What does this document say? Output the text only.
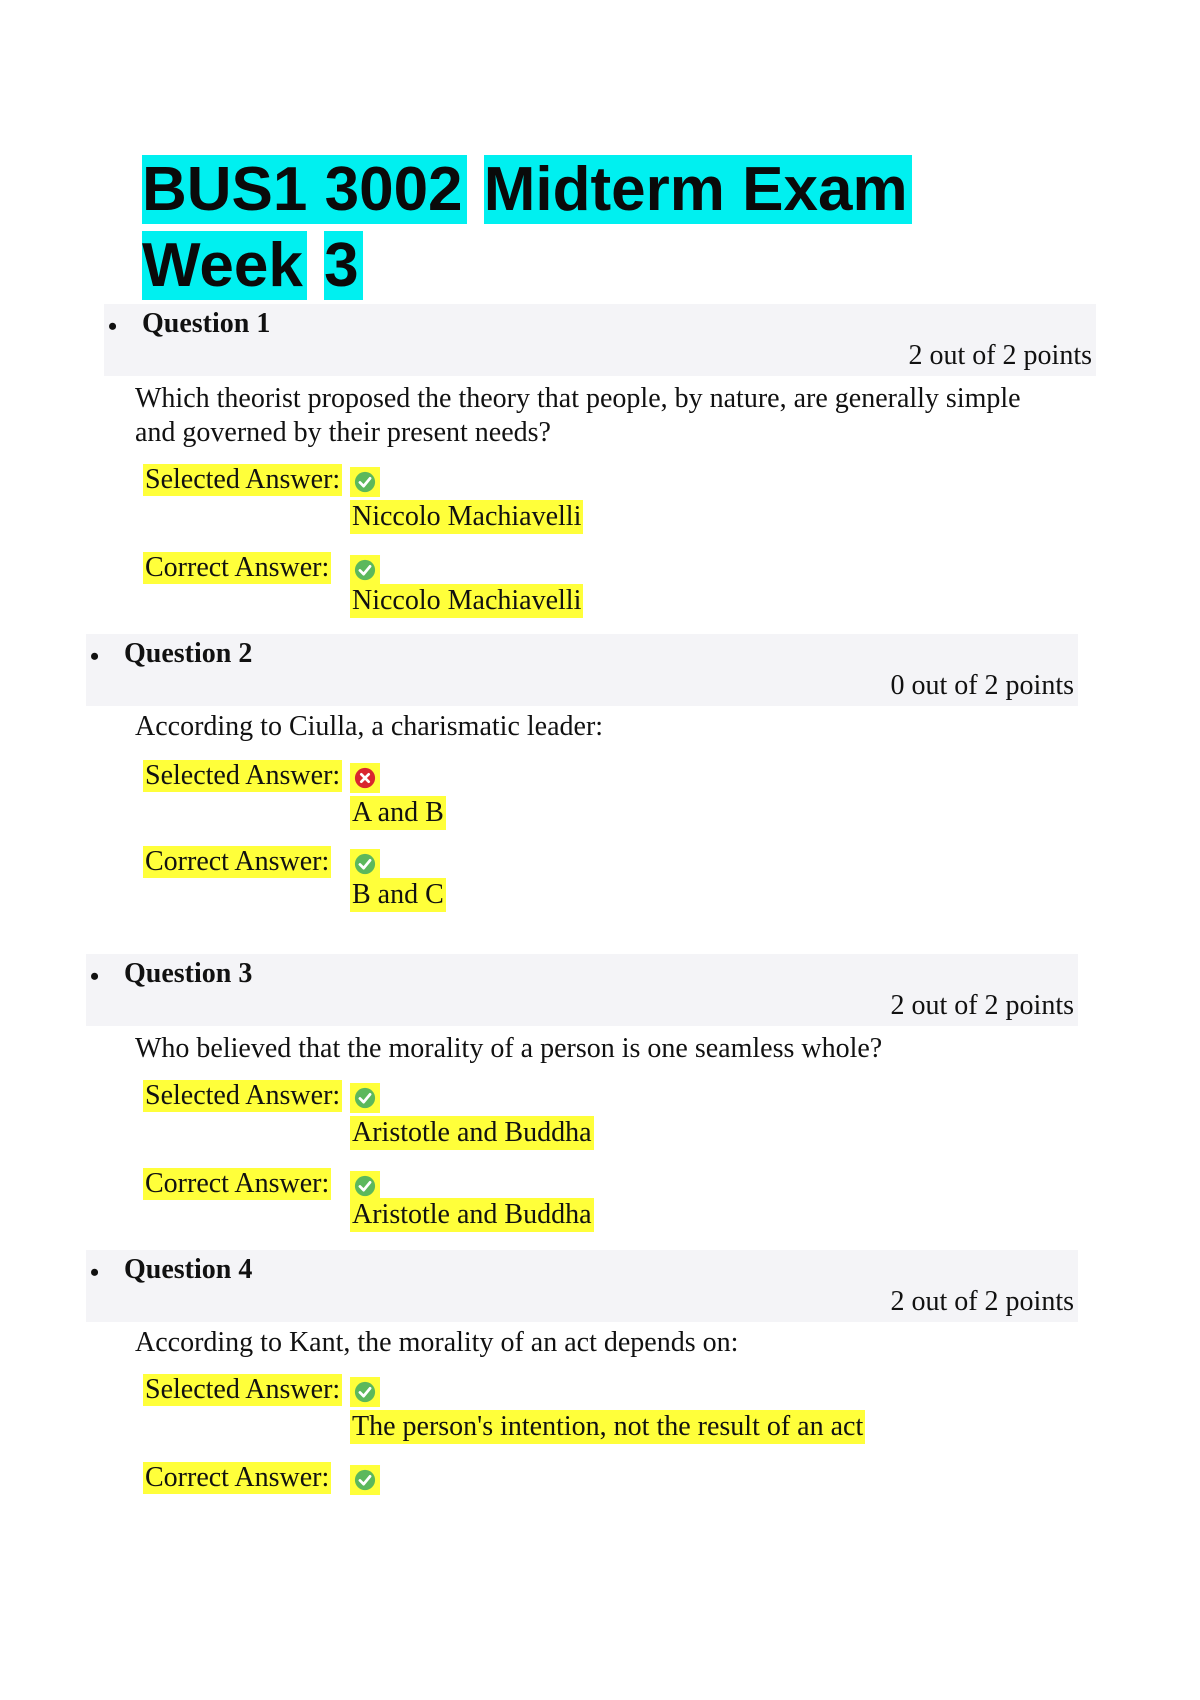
BUS1 3002 Midterm Exam
Week 3
• Question 1
2 out of 2 points
Which theorist proposed the theory that people, by nature, are generally simple and governed by their present needs?
Selected Answer:
Niccolo Machiavelli
Correct Answer:
Niccolo Machiavelli
• Question 2
0 out of 2 points
According to Ciulla, a charismatic leader:
Selected Answer:
A and B
Correct Answer:
B and C
• Question 3
2 out of 2 points
Who believed that the morality of a person is one seamless whole?
Selected Answer:
Aristotle and Buddha
Correct Answer:
Aristotle and Buddha
• Question 4
2 out of 2 points
According to Kant, the morality of an act depends on:
Selected Answer:
The person's intention, not the result of an act
Correct Answer:
